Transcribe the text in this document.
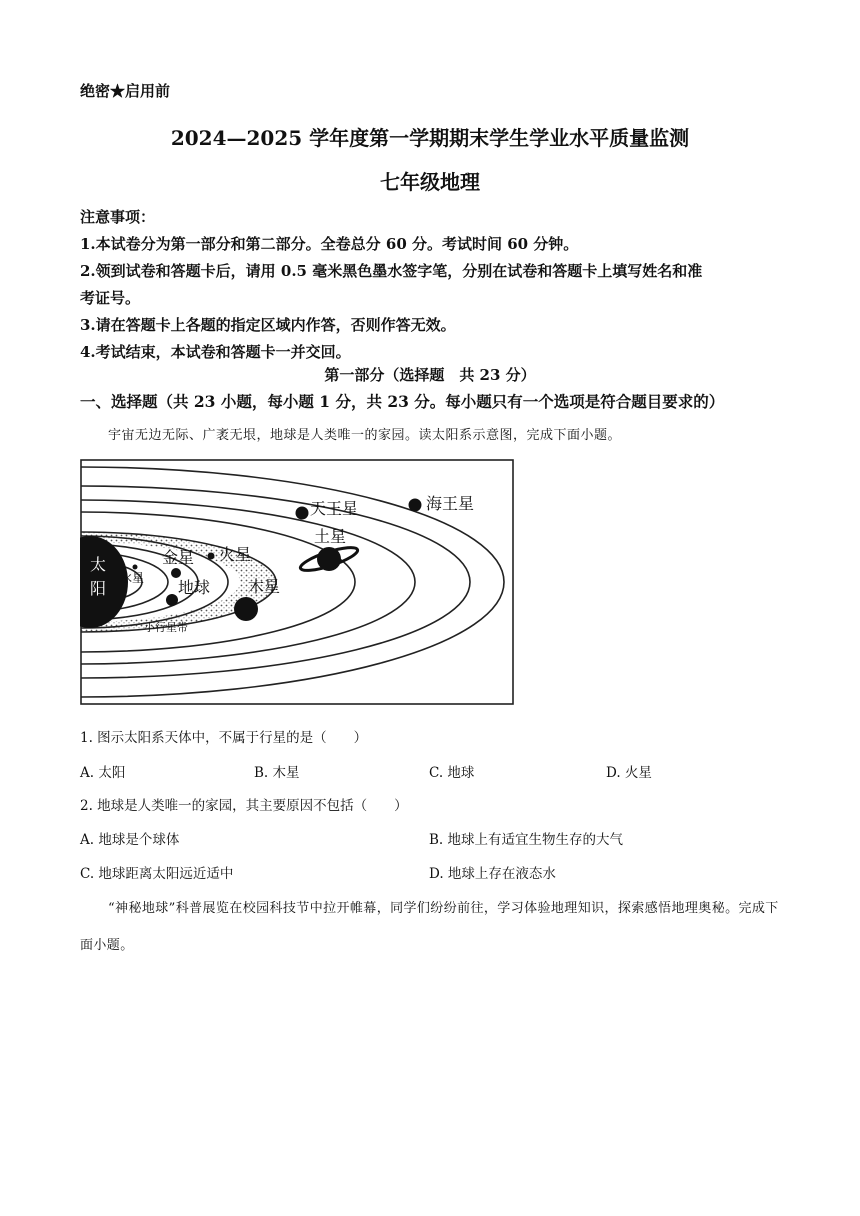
绝密★启用前
2024—2025 学年度第一学期期末学生学业水平质量监测
七年级地理
注意事项：
1.本试卷分为第一部分和第二部分。全卷总分 60 分。考试时间 60 分钟。
2.领到试卷和答题卡后，请用 0.5 毫米黑色墨水签字笔，分别在试卷和答题卡上填写姓名和准
考证号。
3.请在答题卡上各题的指定区域内作答，否则作答无效。
4.考试结束，本试卷和答题卡一并交回。
第一部分（选择题　共 23 分）
一、选择题（共 23 小题，每小题 1 分，共 23 分。每小题只有一个选项是符合题目要求的）
宇宙无边无际、广袤无垠，地球是人类唯一的家园。读太阳系示意图，完成下面小题。
太
阳
水星
金星 火星
地球 木星
小行星带
土星
天王星	海王星
1. 图示太阳系天体中，不属于行星的是（　　）
A. 太阳	B. 木星	C. 地球	D. 火星
2. 地球是人类唯一的家园，其主要原因不包括（　　）
A. 地球是个球体	B. 地球上有适宜生物生存的大气
C. 地球距离太阳远近适中	D. 地球上存在液态水
“神秘地球”科普展览在校园科技节中拉开帷幕，同学们纷纷前往，学习体验地理知识，探索感悟地理奥秘。完成下面小题。
